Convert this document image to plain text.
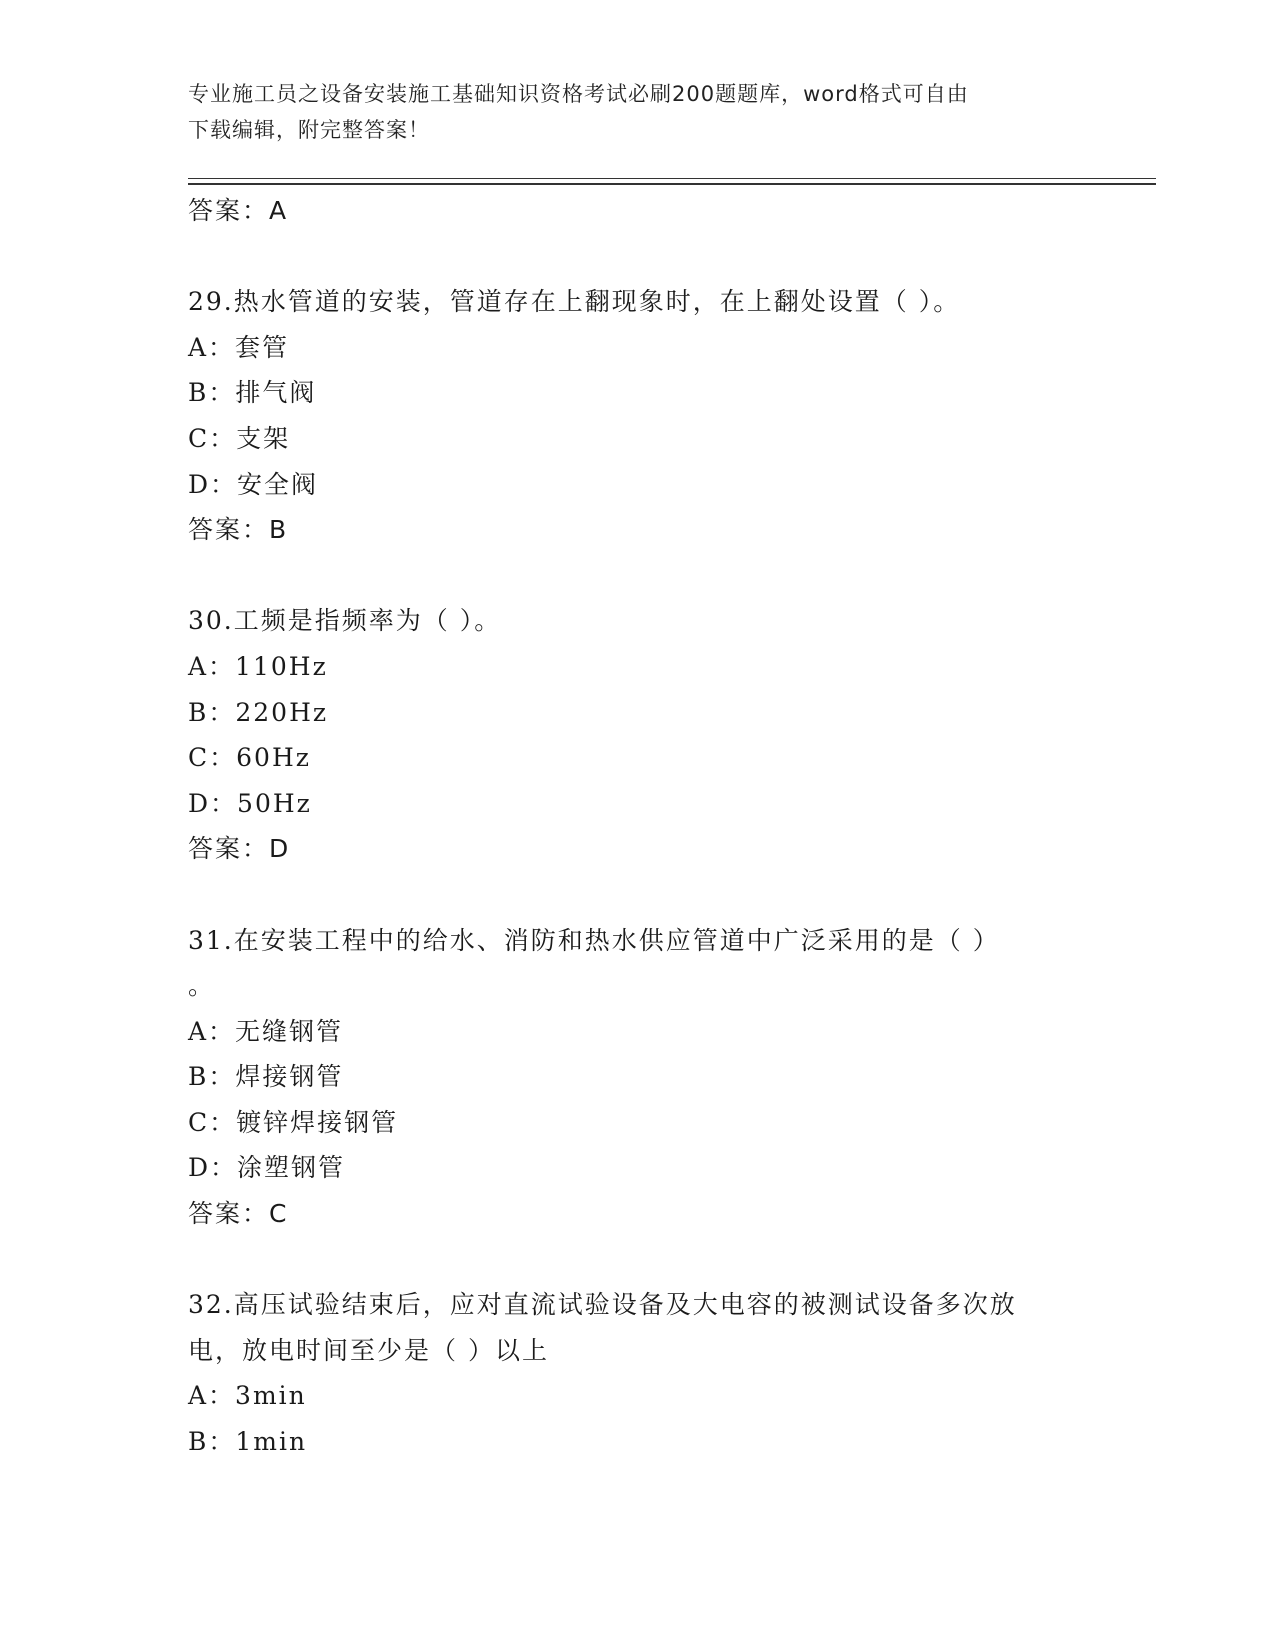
专业施工员之设备安装施工基础知识资格考试必刷200题题库，word格式可自由
下载编辑，附完整答案！
答案：A
29.热水管道的安装，管道存在上翻现象时，在上翻处设置（ ）。
A：套管
B：排气阀
C：支架
D：安全阀
答案：B
30.工频是指频率为（ ）。
A：110Hz
B：220Hz
C：60Hz
D：50Hz
答案：D
31.在安装工程中的给水、消防和热水供应管道中广泛采用的是（ ）
。
A：无缝钢管
B：焊接钢管
C：镀锌焊接钢管
D：涂塑钢管
答案：C
32.高压试验结束后，应对直流试验设备及大电容的被测试设备多次放
电，放电时间至少是（ ）以上
A：3min
B：1min
